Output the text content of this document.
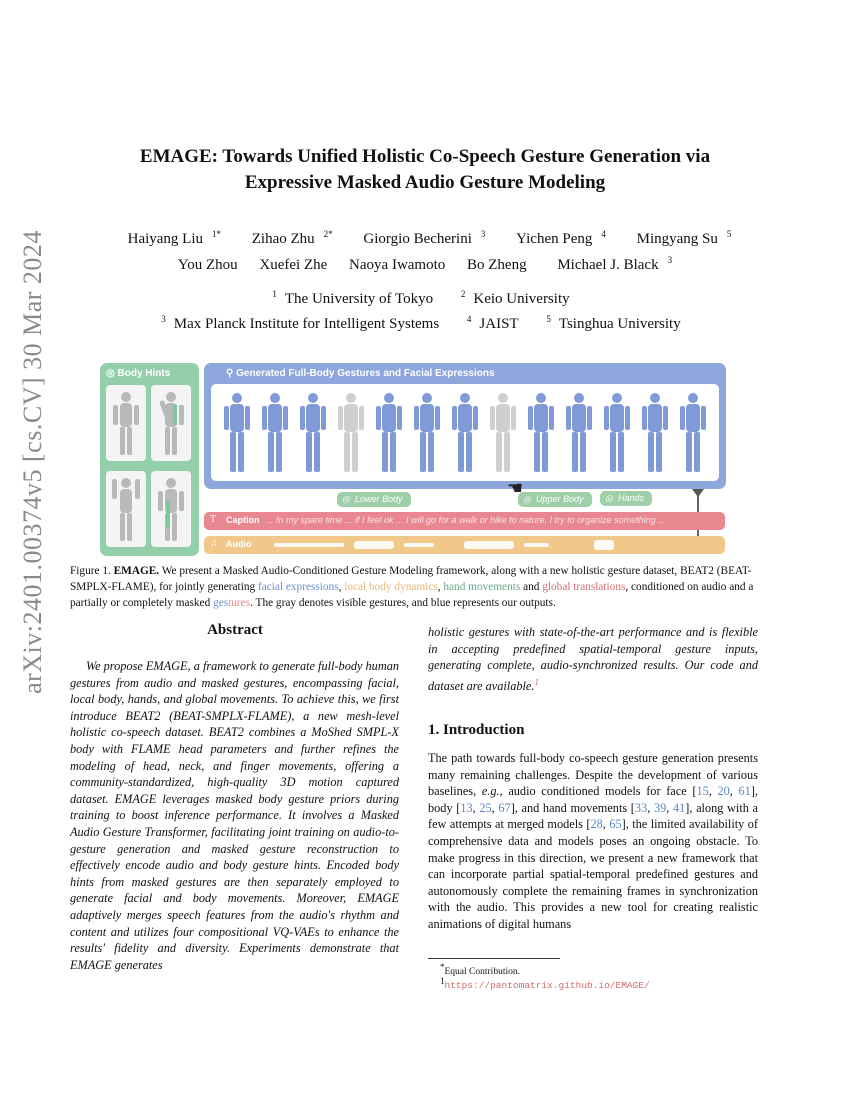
arXiv:2401.00374v5 [cs.CV] 30 Mar 2024
EMAGE: Towards Unified Holistic Co-Speech Gesture Generation via
Expressive Masked Audio Gesture Modeling
Haiyang Liu $^{1*}$ Zihao Zhu $^{2*}$ Giorgio Becherini $^3$ Yichen Peng $^4$ Mingyang Su $^5$
You Zhou Xuefei Zhe Naoya Iwamoto Bo Zheng Michael J. Black $^3$
$^1$ The University of Tokyo	$^2$ Keio University
$^3$ Max Planck Institute for Intelligent Systems	$^4$ JAIST	$^5$ Tsinghua University
◎ Body Hints	⚲ Generated Full-Body Gestures and Facial Expressions
◎ Lower Body	◎ Upper Body	◎ Hands
☚
T Caption ... In my spare time ... if I feel ok ... I will go for a walk or hike to nature. I try to organize something ...
♫ Audio
Figure 1. EMAGE. We present a Masked Audio-Conditioned Gesture Modeling framework, along with a new holistic gesture dataset, BEAT2 (BEAT-SMPLX-FLAME), for jointly generating facial expressions, local body dynamics, hand movements and global translations, conditioned on audio and a partially or completely masked gestures. The gray denotes visible gestures, and blue represents our outputs.
Abstract
We propose EMAGE, a framework to generate full-body human gestures from audio and masked gestures, encompassing facial, local body, hands, and global movements. To achieve this, we first introduce BEAT2 (BEAT-SMPLX-FLAME), a new mesh-level holistic co-speech dataset. BEAT2 combines a MoShed SMPL-X body with FLAME head parameters and further refines the modeling of head, neck, and finger movements, offering a community-standardized, high-quality 3D motion captured dataset. EMAGE leverages masked body gesture priors during training to boost inference performance. It involves a Masked Audio Gesture Transformer, facilitating joint training on audio-to-gesture generation and masked gesture reconstruction to effectively encode audio and body gesture hints. Encoded body hints from masked gestures are then separately employed to generate facial and body movements. Moreover, EMAGE adaptively merges speech features from the audio's rhythm and content and utilizes four compositional VQ-VAEs to enhance the results' fidelity and diversity. Experiments demonstrate that EMAGE generates
holistic gestures with state-of-the-art performance and is flexible in accepting predefined spatial-temporal gesture inputs, generating complete, audio-synchronized results. Our code and dataset are available.$^1$
1. Introduction
The path towards full-body co-speech gesture generation presents many remaining challenges. Despite the development of various baselines, e.g., audio conditioned models for face [15, 20, 61], body [13, 25, 67], and hand movements [33, 39, 41], along with a few attempts at merged models [28, 65], the limited availability of comprehensive data and models poses an ongoing obstacle. To make progress in this direction, we present a new framework that can incorporate partial spatial-temporal predefined gestures and autonomously complete the remaining frames in synchronization with the audio. This provides a new tool for creating realistic animations of digital humans
*Equal Contribution.
$^1$https://pantomatrix.github.io/EMAGE/
